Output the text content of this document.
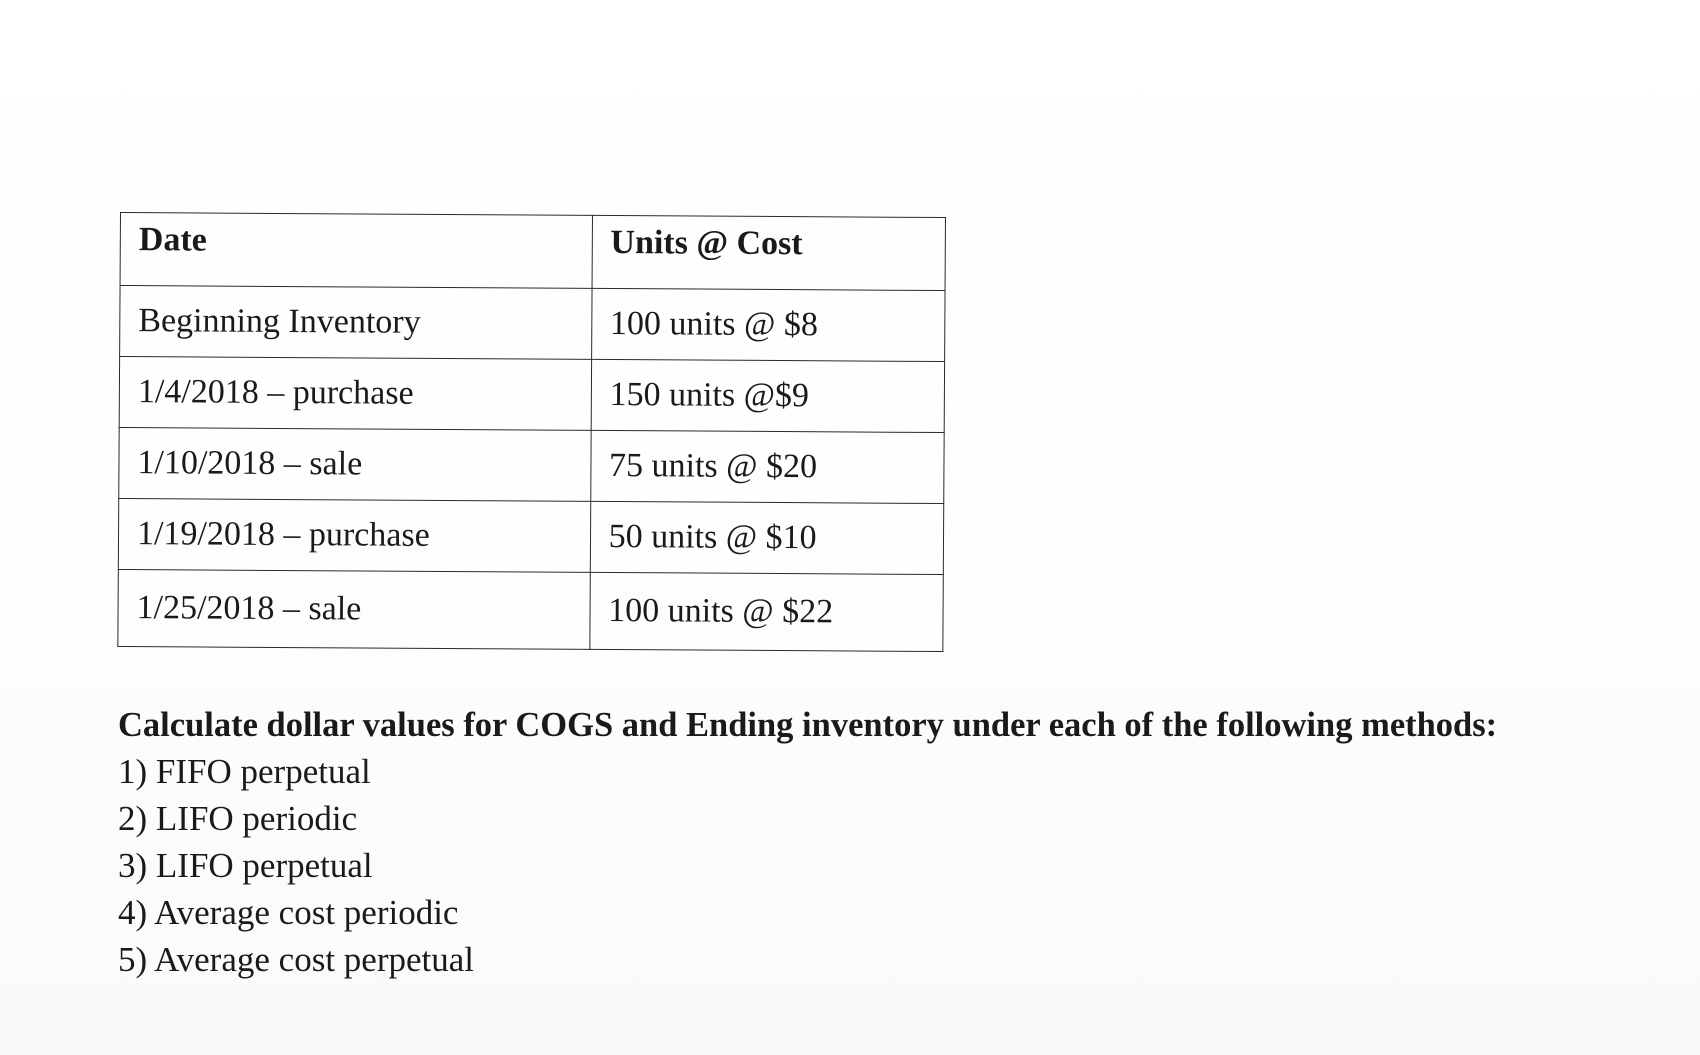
Date	Units @ Cost
Beginning Inventory	100 units @ $8
1/4/2018 – purchase	150 units @$9
1/10/2018 – sale	75 units @ $20
1/19/2018 – purchase	50 units @ $10
1/25/2018 – sale	100 units @ $22

Calculate dollar values for COGS and Ending inventory under each of the following methods:

1) FIFO perpetual
2) LIFO periodic
3) LIFO perpetual
4) Average cost periodic
5) Average cost perpetual
